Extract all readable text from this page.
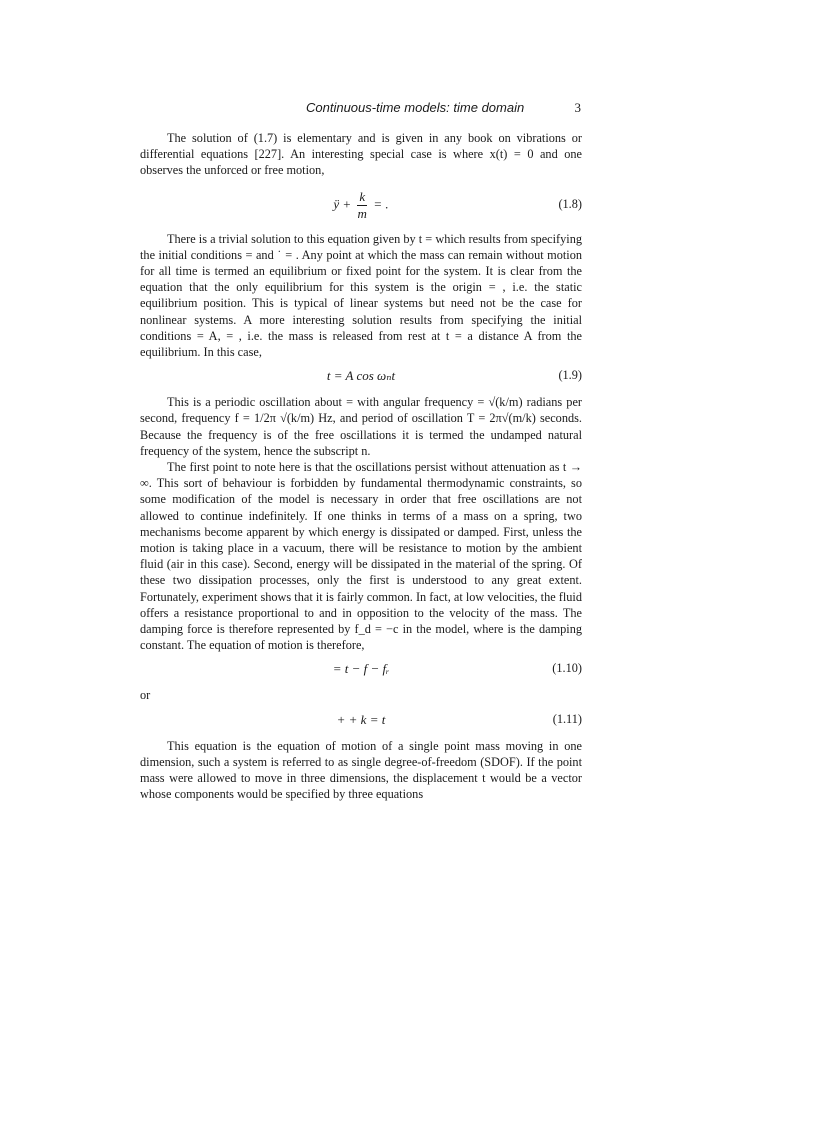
Continuous-time models: time domain	3

The solution of (1.7) is elementary and is given in any book on vibrations or differential equations [227]. An interesting special case is where x(t) = 0 and one observes the unforced or free motion,

ÿ + $\frac{k}{m}$ = .	(1.8)

There is a trivial solution to this equation given by t = which results from specifying the initial conditions = and ˙ = . Any point at which the mass can remain without motion for all time is termed an equilibrium or fixed point for the system. It is clear from the equation that the only equilibrium for this system is the origin = , i.e. the static equilibrium position. This is typical of linear systems but need not be the case for nonlinear systems. A more interesting solution results from specifying the initial conditions = A, = , i.e. the mass is released from rest at t = a distance A from the equilibrium. In this case,

t = A cos ωₙt	(1.9)

This is a periodic oscillation about = with angular frequency = √(k/m) radians per second, frequency f = 1/2π √(k/m) Hz, and period of oscillation T = 2π√(m/k) seconds. Because the frequency is of the free oscillations it is termed the undamped natural frequency of the system, hence the subscript n.

The first point to note here is that the oscillations persist without attenuation as t → ∞. This sort of behaviour is forbidden by fundamental thermodynamic constraints, so some modification of the model is necessary in order that free oscillations are not allowed to continue indefinitely. If one thinks in terms of a mass on a spring, two mechanisms become apparent by which energy is dissipated or damped. First, unless the motion is taking place in a vacuum, there will be resistance to motion by the ambient fluid (air in this case). Second, energy will be dissipated in the material of the spring. Of these two dissipation processes, only the first is understood to any great extent. Fortunately, experiment shows that it is fairly common. In fact, at low velocities, the fluid offers a resistance proportional to and in opposition to the velocity of the mass. The damping force is therefore represented by f_d = −c in the model, where is the damping constant. The equation of motion is therefore,

= t − f − fᵣ	(1.10)

or

+ + k = t	(1.11)

This equation is the equation of motion of a single point mass moving in one dimension, such a system is referred to as single degree-of-freedom (SDOF). If the point mass were allowed to move in three dimensions, the displacement t would be a vector whose components would be specified by three equations
